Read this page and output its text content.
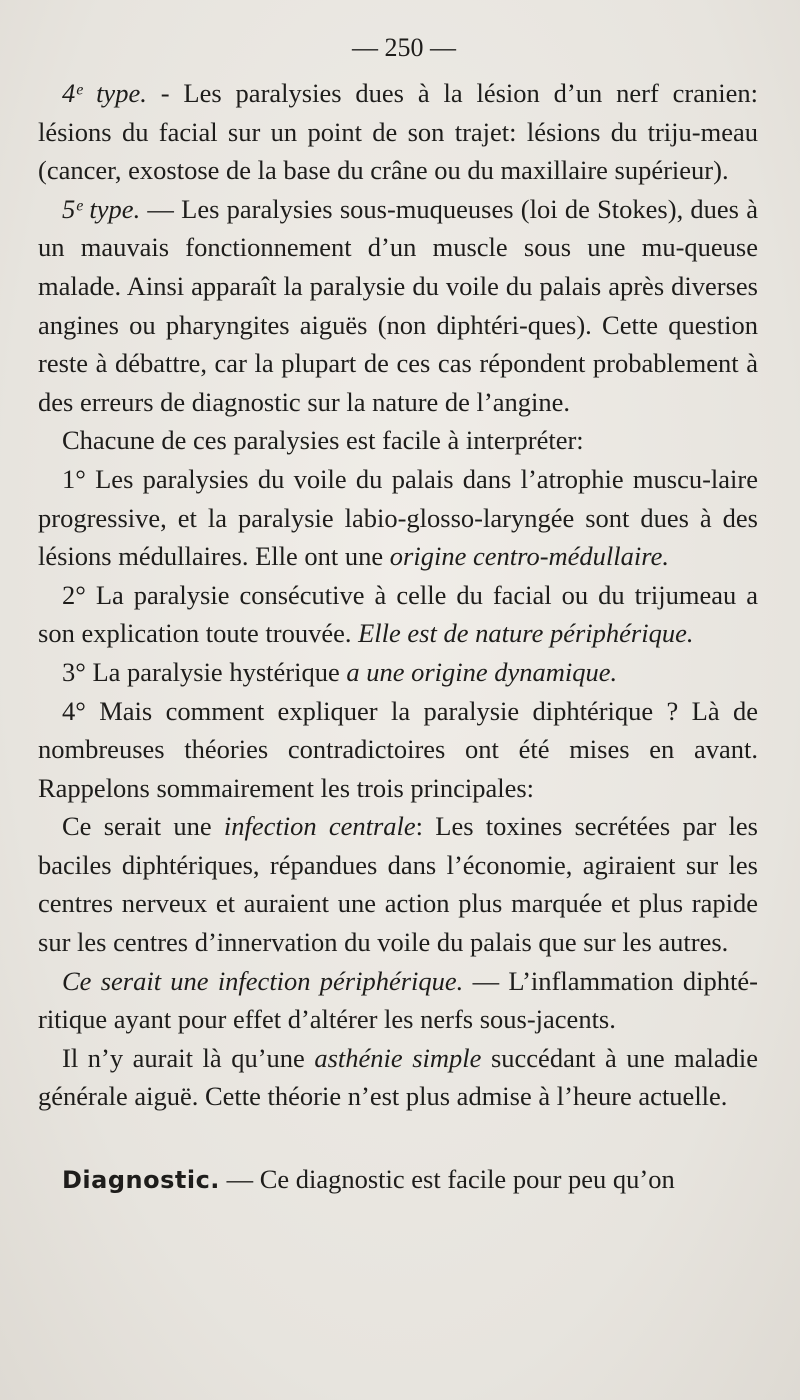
— 250 —

4ᵉ type. - Les paralysies dues à la lésion d’un nerf cranien: lésions du facial sur un point de son trajet: lésions du triju-meau (cancer, exostose de la base du crâne ou du maxillaire supérieur).

5ᵉ type. — Les paralysies sous-muqueuses (loi de Stokes), dues à un mauvais fonctionnement d’un muscle sous une mu-queuse malade. Ainsi apparaît la paralysie du voile du palais après diverses angines ou pharyngites aiguës (non diphtéri-ques). Cette question reste à débattre, car la plupart de ces cas répondent probablement à des erreurs de diagnostic sur la nature de l’angine.

Chacune de ces paralysies est facile à interpréter:

1° Les paralysies du voile du palais dans l’atrophie muscu-laire progressive, et la paralysie labio-glosso-laryngée sont dues à des lésions médullaires. Elle ont une origine centro-médullaire.

2° La paralysie consécutive à celle du facial ou du trijumeau a son explication toute trouvée. Elle est de nature périphérique.

3° La paralysie hystérique a une origine dynamique.

4° Mais comment expliquer la paralysie diphtérique ? Là de nombreuses théories contradictoires ont été mises en avant. Rappelons sommairement les trois principales:

Ce serait une infection centrale: Les toxines secrétées par les baciles diphtériques, répandues dans l’économie, agiraient sur les centres nerveux et auraient une action plus marquée et plus rapide sur les centres d’innervation du voile du palais que sur les autres.

Ce serait une infection périphérique. — L’inflammation diphté-ritique ayant pour effet d’altérer les nerfs sous-jacents.

Il n’y aurait là qu’une asthénie simple succédant à une maladie générale aiguë. Cette théorie n’est plus admise à l’heure actuelle.

Diagnostic. — Ce diagnostic est facile pour peu qu’on
